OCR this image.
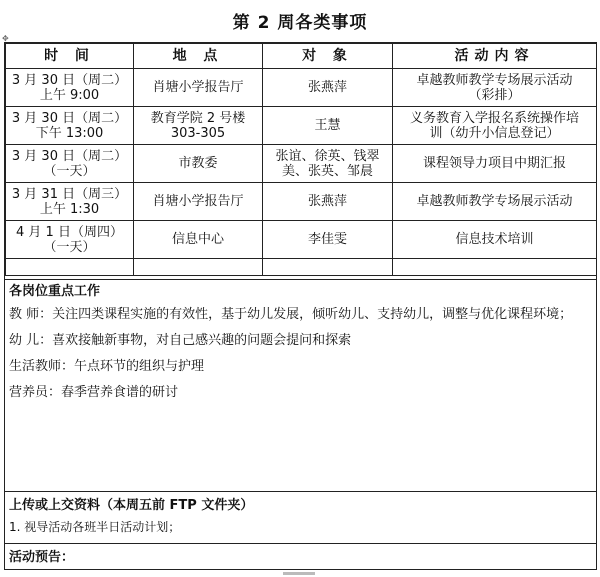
第 2 周各类事项
✥
时 间	地 点	对 象	活动内容

3 月 30 日（周二）
上午 9:00	肖塘小学报告厅	张燕萍	卓越教师教学专场展示活动
（彩排）

3 月 30 日（周二）
下午 13:00	教育学院 2 号楼
303-305	王慧	义务教育入学报名系统操作培
训（幼升小信息登记）

3 月 30 日（周二）
（一天）	市教委	张谊、徐英、钱翠
美、张英、邹晨	课程领导力项目中期汇报

3 月 31 日（周三）
上午 1:30	肖塘小学报告厅	张燕萍	卓越教师教学专场展示活动

4 月 1 日（周四）
（一天）	信息中心	李佳雯	信息技术培训

各岗位重点工作
教 师：关注四类课程实施的有效性，基于幼儿发展，倾听幼儿、支持幼儿，调整与优化课程环境；
幼 儿：喜欢接触新事物，对自己感兴趣的问题会提问和探索
生活教师：午点环节的组织与护理
营养员：春季营养食谱的研讨
上传或上交资料（本周五前 FTP 文件夹）
1. 视导活动各班半日活动计划；
活动预告：
